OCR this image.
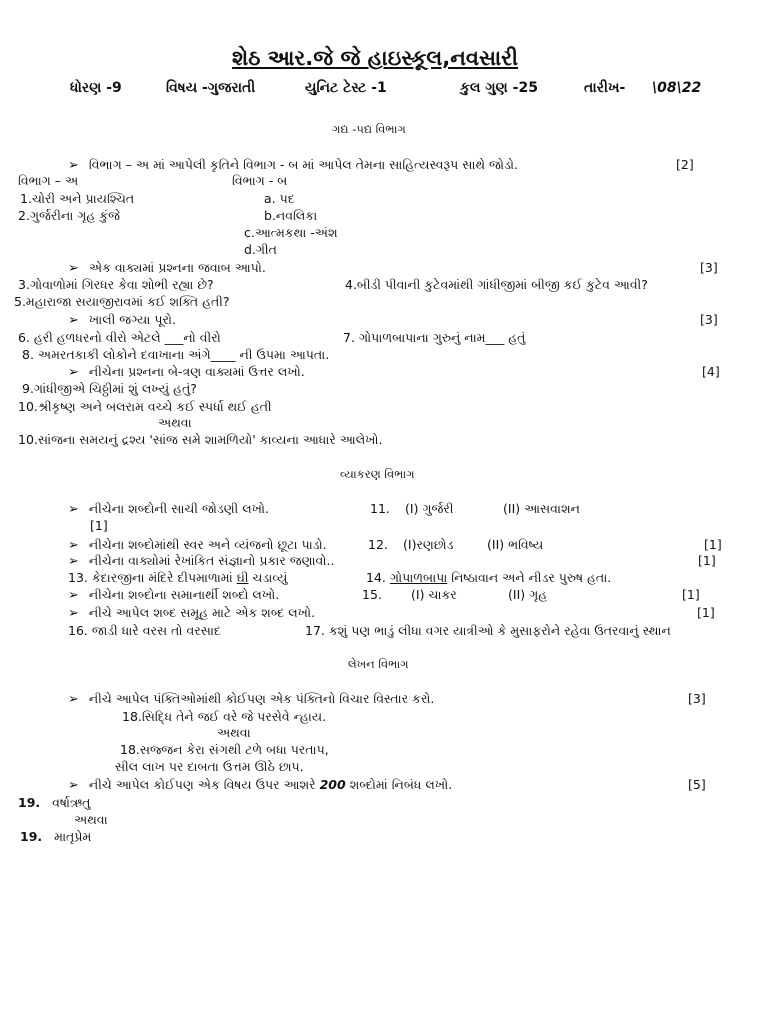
શેઠ આર.જે જે હાઇસ્કૂલ,નવસારી
ધોરણ -9	વિષય -ગુજરાતી	યુનિટ ટેસ્ટ -1	કુલ ગુણ -25	તારીખ- \08\22
ગદ્ય -પદ્ય વિભાગ
➢ વિભાગ – અ માં આપેલી કૃતિને વિભાગ - બ માં આપેલ તેમના સાહિત્યસ્વરૂપ સાથે જોડો.	[2]
વિભાગ – અ	વિભાગ - બ
1.ચોરી અને પ્રાયશ્ચિત	a. પદ
2.ગુર્જરીના ગૃહ કુંજે	b.નવલિકા
c.આત્મકથા -અંશ
d.ગીત
➢ એક વાક્યમાં પ્રશ્નના જવાબ આપો.	[3]
3.ગોવાળોમાં ગિરધર કેવા શોભી રહ્યા છે?	4.બીડી પીવાની કુટેવમાંથી ગાંધીજીમાં બીજી કઈ કુટેવ આવી?
5.મહારાજા સયાજીરાવમાં કઈ શક્તિ હતી?
➢ ખાલી જગ્યા પૂરો.	[3]
6. હરી હળધરનો વીરો એટલે ___નો વીરો	7. ગોપાળબાપાના ગુરુનું નામ___ હતું
8. અમરતકાકી લોકોને દવાખાના અંગે____ ની ઉપમા આપતા.
➢ નીચેના પ્રશ્નના બે-ત્રણ વાક્યમાં ઉત્તર લખો.	[4]
9.ગાંધીજીએ ચિઠ્ઠીમાં શું લખ્યું હતું?
10.શ્રીકૃષ્ણ અને બલરામ વચ્ચે કઈ સ્પર્ધા થઈ હતી
અથવા
10.સાંજના સમયનું દ્રશ્ય 'સાંજ સમે શામળિયો' કાવ્યના આધારે આલેખો.
વ્યાકરણ વિભાગ
➢ નીચેના શબ્દોની સાચી જોડણી લખો.	11. (I) ગુર્જરી	(II) આસવાશન
[1]
➢ નીચેના શબ્દોમાંથી સ્વર અને વ્યંજનો છૂટા પાડો.	12. (I)રણછોડ	(II) ભવિષ્ય	[1]
➢ નીચેના વાક્યોમાં રેખાંકિત સંજ્ઞાનો પ્રકાર જણાવો..	[1]
13. કેદારજીના મંદિરે દીપમાળામાં ઘી ચડાવ્યું	14. ગોપાળબાપા નિષ્ઠાવાન અને નીડર પુરુષ હતા.
➢ નીચેના શબ્દોના સમાનાર્થી શબ્દો લખો.	15. (I) ચાકર	(II) ગૃહ	[1]
➢ નીચે આપેલ શબ્દ સમૂહ માટે એક શબ્દ લખો.	[1]
16. જાડી ધારે વરસ તો વરસાદ	17. કશું પણ ભાડું લીધા વગર યાત્રીઓ કે મુસાફરોને રહેવા ઉતરવાનું સ્થાન
લેખન વિભાગ
➢ નીચે આપેલ પંક્તિઓમાંથી કોઈપણ એક પંક્તિનો વિચાર વિસ્તાર કરો.	[3]
18.સિદ્ધિ તેને જઈ વરે જે પરસેવે ન્હાય.
અથવા
18.સજ્જન કેરા સંગથી ટળે બધા પરતાપ,
સીલ લાખ પર દાબતા ઉત્તમ ઊઠે છાપ.
➢ નીચે આપેલ કોઈપણ એક વિષય ઉપર આશરે 200 શબ્દોમાં નિબંધ લખો.	[5]
19. વર્ષાઋતુ
અથવા
19. માતૃપ્રેમ
